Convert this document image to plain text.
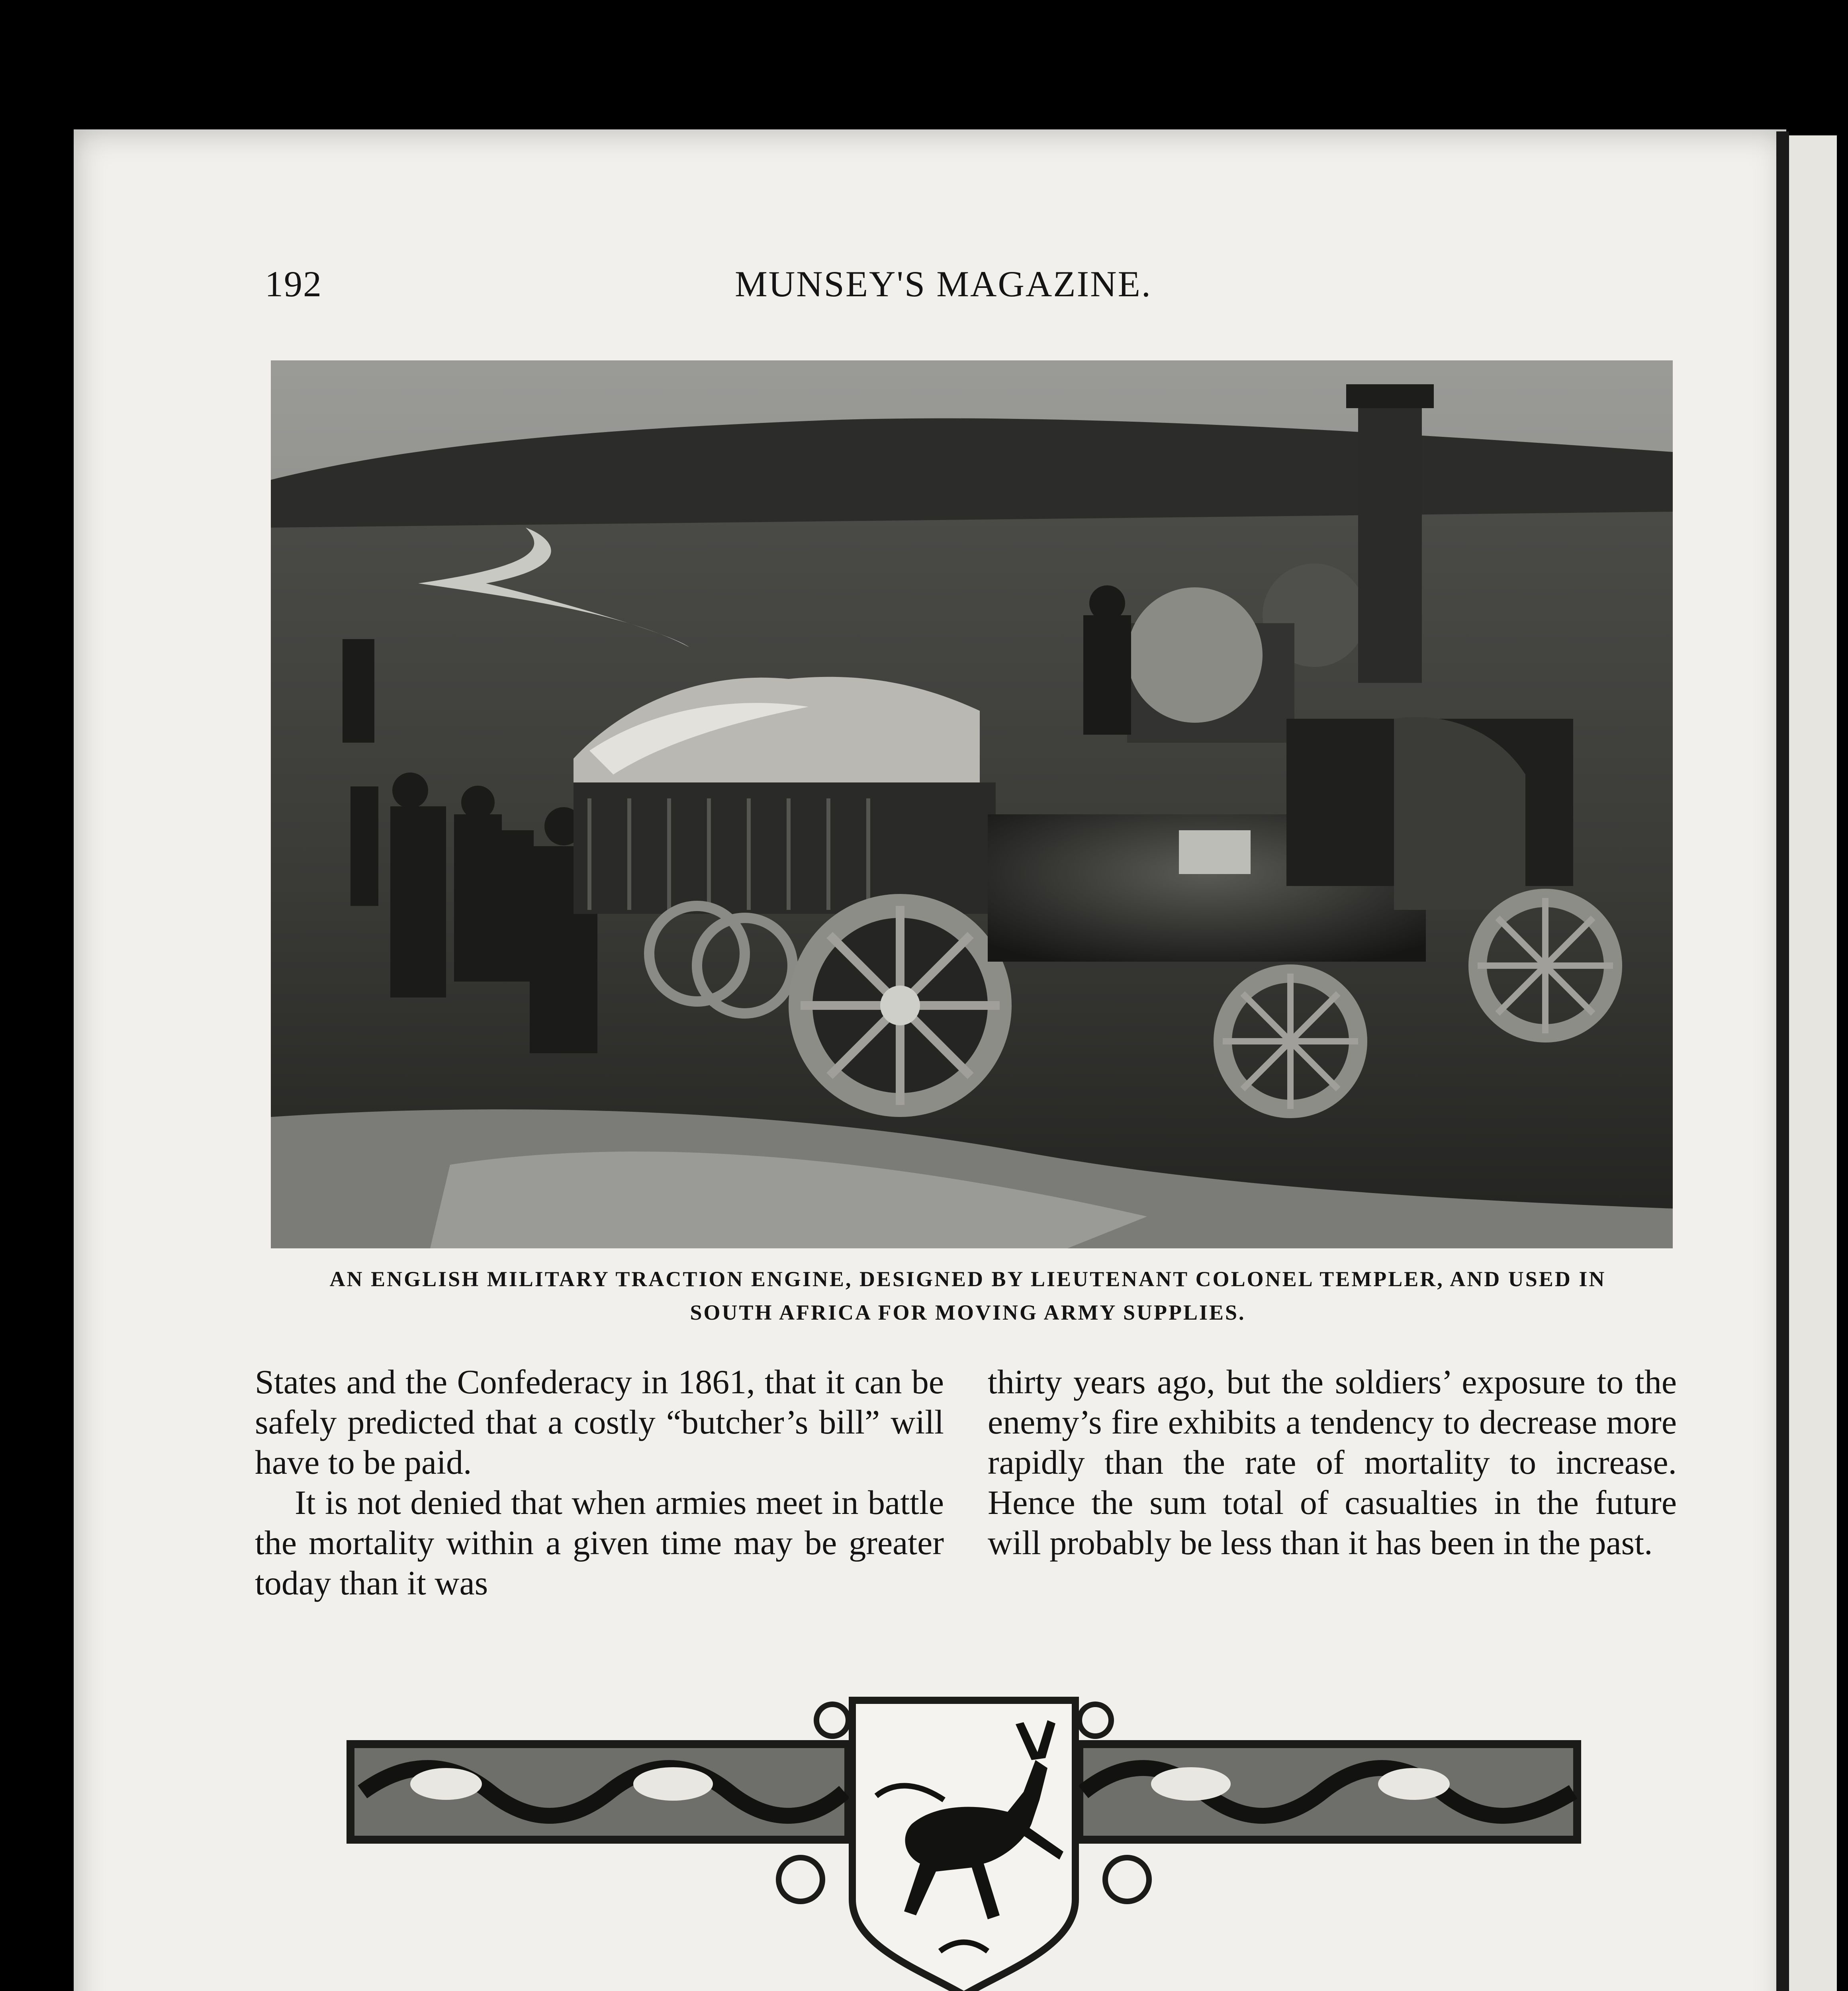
192	MUNSEY'S MAGAZINE.
AN ENGLISH MILITARY TRACTION ENGINE, DESIGNED BY LIEUTENANT COLONEL TEMPLER, AND USED IN
SOUTH AFRICA FOR MOVING ARMY SUPPLIES.

States and the Confederacy in 1861, that it can be safely predicted that a costly “butcher’s bill” will have to be paid.

It is not denied that when armies meet in battle the mortality within a given time may be greater today than it was

thirty years ago, but the soldiers’ exposure to the enemy’s fire exhibits a tendency to decrease more rapidly than the rate of mortality to increase. Hence the sum total of casualties in the future will probably be less than it has been in the past.
